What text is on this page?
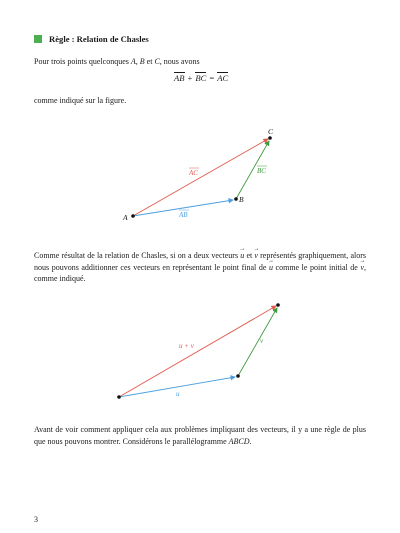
Règle : Relation de Chasles
Pour trois points quelconques A, B et C, nous avons
AB + BC = AC
comme indiqué sur la figure.
A
B
C
AC
AB
BC
u + v
u
v
Comme résultat de la relation de Chasles, si on a deux vecteurs → u et → v représentés graphiquement, alors nous pouvons additionner ces vecteurs en représentant le point final de → u comme le point initial de → v, comme indiqué.
Avant de voir comment appliquer cela aux problèmes impliquant des vecteurs, il y a une règle de plus que nous pouvons montrer. Considérons le parallélogramme ABCD.
3
